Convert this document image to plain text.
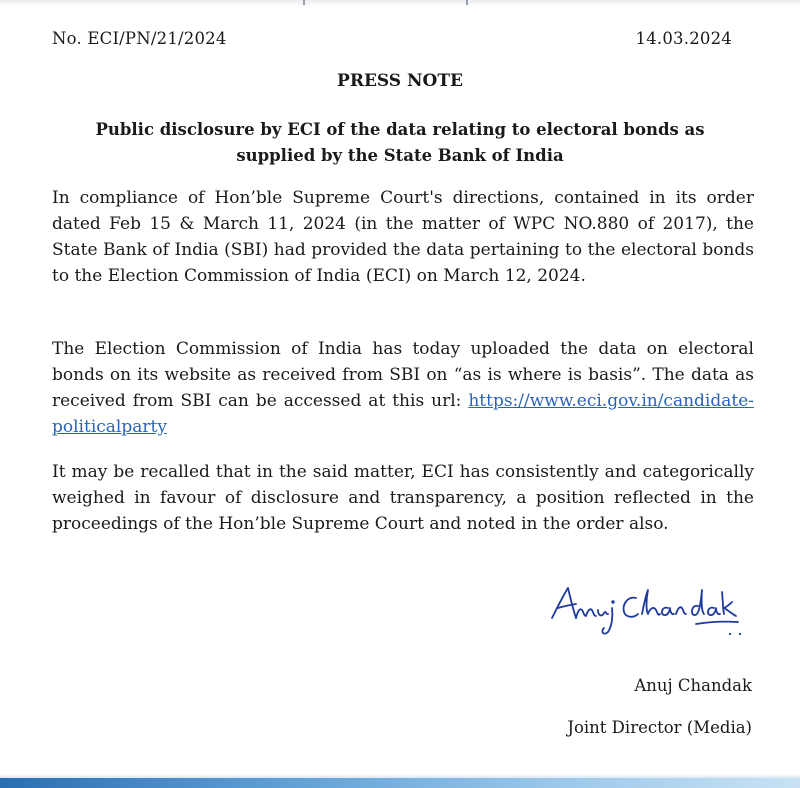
No. ECI/PN/21/2024	14.03.2024
PRESS NOTE
Public disclosure by ECI of the data relating to electoral bonds as supplied by the State Bank of India

In compliance of Hon’ble Supreme Court's directions, contained in its order dated Feb 15 & March 11, 2024 (in the matter of WPC NO.880 of 2017), the State Bank of India (SBI) had provided the data pertaining to the electoral bonds to the Election Commission of India (ECI) on March 12, 2024.

The Election Commission of India has today uploaded the data on electoral bonds on its website as received from SBI on “as is where is basis”. The data as received from SBI can be accessed at this url: https://www.eci.gov.in/candidate-politicalparty

It may be recalled that in the said matter, ECI has consistently and categorically weighed in favour of disclosure and transparency, a position reflected in the proceedings of the Hon’ble Supreme Court and noted in the order also.

Anuj Chandak
Joint Director (Media)
